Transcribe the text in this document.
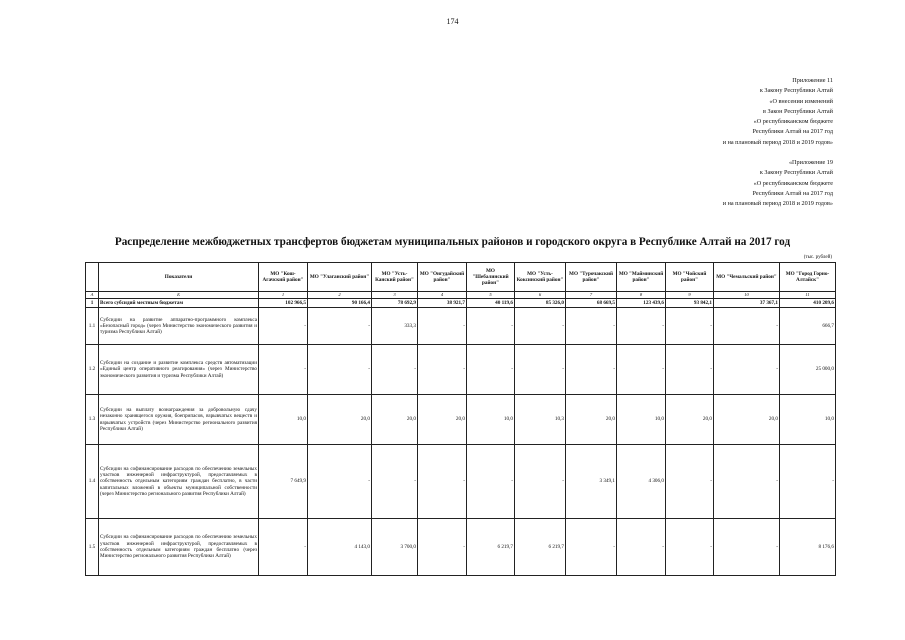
174
Приложение 11
к Закону Республики Алтай
«О внесении изменений
в Закон Республики Алтай
«О республиканском бюджете
Республики Алтай на 2017 год
и на плановый период 2018 и 2019 годов»
«Приложение 19
к Закону Республики Алтай
«О республиканском бюджете
Республики Алтай на 2017 год
и на плановый период 2018 и 2019 годов»
Распределение межбюджетных трансфертов бюджетам муниципальных районов и городского округа в Республике Алтай на 2017 год
(тыс. рублей)
	Показатели	МО "Кош-Агачский район"	МО "Улаганский район"	МО "Усть-Канский район"	МО "Онгудайский район"	МО "Шебалинский район"	МО "Усть-Коксинский район"	МО "Турочакский район"	МО "Майминский район"	МО "Чойский район"	МО "Чемальский район"	МО "Город Горно-Алтайск"
А	Б	1	2	3	4	5	6	7	8	9	10	11
1	Всего субсидий местным бюджетам	102 966,5	90 166,4	78 692,9	38 921,7	40 119,6	85 326,0	68 669,5	123 439,6	93 842,1	37 367,1	410 209,6
1.1	Субсидии на развитие аппаратно-программного комплекса «Безопасный город» (через Министерство экономического развития и туризма Республики Алтай)	-	-	333,3	-	-	-	-	-	-	-	666,7
1.2	Субсидии на создание и развитие комплекса средств автоматизации «Единый центр оперативного реагирования» (через Министерство экономического развития и туризма Республики Алтай)	-	-	-	-	-	-	-	-	-	-	25 000,0
1.3	Субсидии на выплату вознаграждения за добровольную сдачу незаконно хранящегося оружия, боеприпасов, взрывчатых веществ и взрывчатых устройств (через Министерство регионального развития Республики Алтай)	10,0	20,0	20,0	20,0	10,0	10,3	20,0	10,0	20,0	20,0	10,0
1.4	Субсидии на софинансирование расходов по обеспечению земельных участков инженерной инфраструктурой, предоставляемых в собственность отдельным категориям граждан бесплатно, в части капитальных вложений в объекты муниципальной собственности (через Министерство регионального развития Республики Алтай)	7 649,9	-	-	-	-	-	3 349,1	4 306,0	-	-	-
1.5	Субсидии на софинансирование расходов по обеспечению земельных участков инженерной инфраструктурой, предоставляемых в собственность отдельным категориям граждан бесплатно (через Министерство регионального развития Республики Алтай)	-	4 143,0	3 700,0	-	6 219,7	6 219,7	-	-	-	-	8 176,6
